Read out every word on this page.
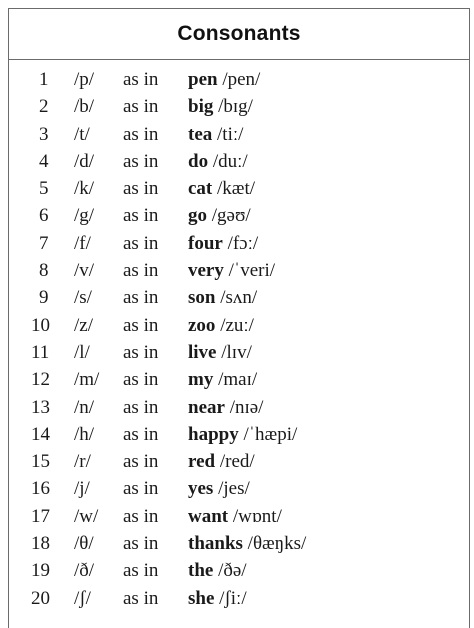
Consonants
1 /p/ as in pen /pen/
2 /b/ as in big /bɪg/
3 /t/ as in tea /tiː/
4 /d/ as in do /duː/
5 /k/ as in cat /kæt/
6 /g/ as in go /gəʊ/
7 /f/ as in four /fɔː/
8 /v/ as in very /ˈveri/
9 /s/ as in son /sʌn/
10 /z/ as in zoo /zuː/
11 /l/ as in live /lɪv/
12 /m/ as in my /maɪ/
13 /n/ as in near /nɪə/
14 /h/ as in happy /ˈhæpi/
15 /r/ as in red /red/
16 /j/ as in yes /jes/
17 /w/ as in want /wɒnt/
18 /θ/ as in thanks /θæŋks/
19 /ð/ as in the /ðə/
20 /ʃ/ as in she /ʃiː/
